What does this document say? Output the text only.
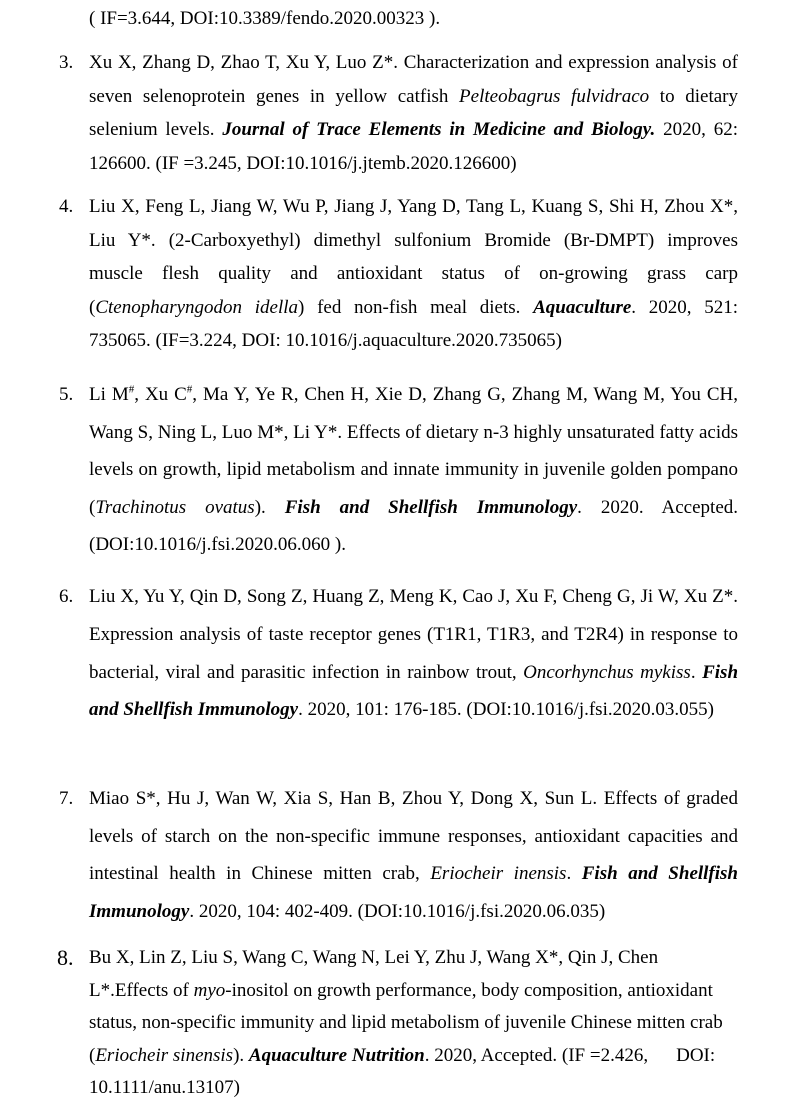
( IF=3.644, DOI:10.3389/fendo.2020.00323 ).
3. Xu X, Zhang D, Zhao T, Xu Y, Luo Z*. Characterization and expression analysis of seven selenoprotein genes in yellow catfish Pelteobagrus fulvidraco to dietary selenium levels. Journal of Trace Elements in Medicine and Biology. 2020, 62: 126600. (IF =3.245, DOI:10.1016/j.jtemb.2020.126600)
4. Liu X, Feng L, Jiang W, Wu P, Jiang J, Yang D, Tang L, Kuang S, Shi H, Zhou X*, Liu Y*. (2-Carboxyethyl) dimethyl sulfonium Bromide (Br-DMPT) improves muscle flesh quality and antioxidant status of on-growing grass carp (Ctenopharyngodon idella) fed non-fish meal diets. Aquaculture. 2020, 521: 735065. (IF=3.224, DOI: 10.1016/j.aquaculture.2020.735065)
5. Li M#, Xu C#, Ma Y, Ye R, Chen H, Xie D, Zhang G, Zhang M, Wang M, You CH, Wang S, Ning L, Luo M*, Li Y*. Effects of dietary n-3 highly unsaturated fatty acids levels on growth, lipid metabolism and innate immunity in juvenile golden pompano (Trachinotus ovatus). Fish and Shellfish Immunology. 2020. Accepted. (DOI:10.1016/j.fsi.2020.06.060 ).
6. Liu X, Yu Y, Qin D, Song Z, Huang Z, Meng K, Cao J, Xu F, Cheng G, Ji W, Xu Z*. Expression analysis of taste receptor genes (T1R1, T1R3, and T2R4) in response to bacterial, viral and parasitic infection in rainbow trout, Oncorhynchus mykiss. Fish and Shellfish Immunology. 2020, 101: 176-185. (DOI:10.1016/j.fsi.2020.03.055)
7. Miao S*, Hu J, Wan W, Xia S, Han B, Zhou Y, Dong X, Sun L. Effects of graded levels of starch on the non-specific immune responses, antioxidant capacities and intestinal health in Chinese mitten crab, Eriocheir inensis. Fish and Shellfish Immunology. 2020, 104: 402-409. (DOI:10.1016/j.fsi.2020.06.035)
8. Bu X, Lin Z, Liu S, Wang C, Wang N, Lei Y, Zhu J, Wang X*, Qin J, Chen L*.Effects of myo-inositol on growth performance, body composition, antioxidant status, non-specific immunity and lipid metabolism of juvenile Chinese mitten crab (Eriocheir sinensis). Aquaculture Nutrition. 2020, Accepted. (IF =2.426, DOI: 10.1111/anu.13107)
